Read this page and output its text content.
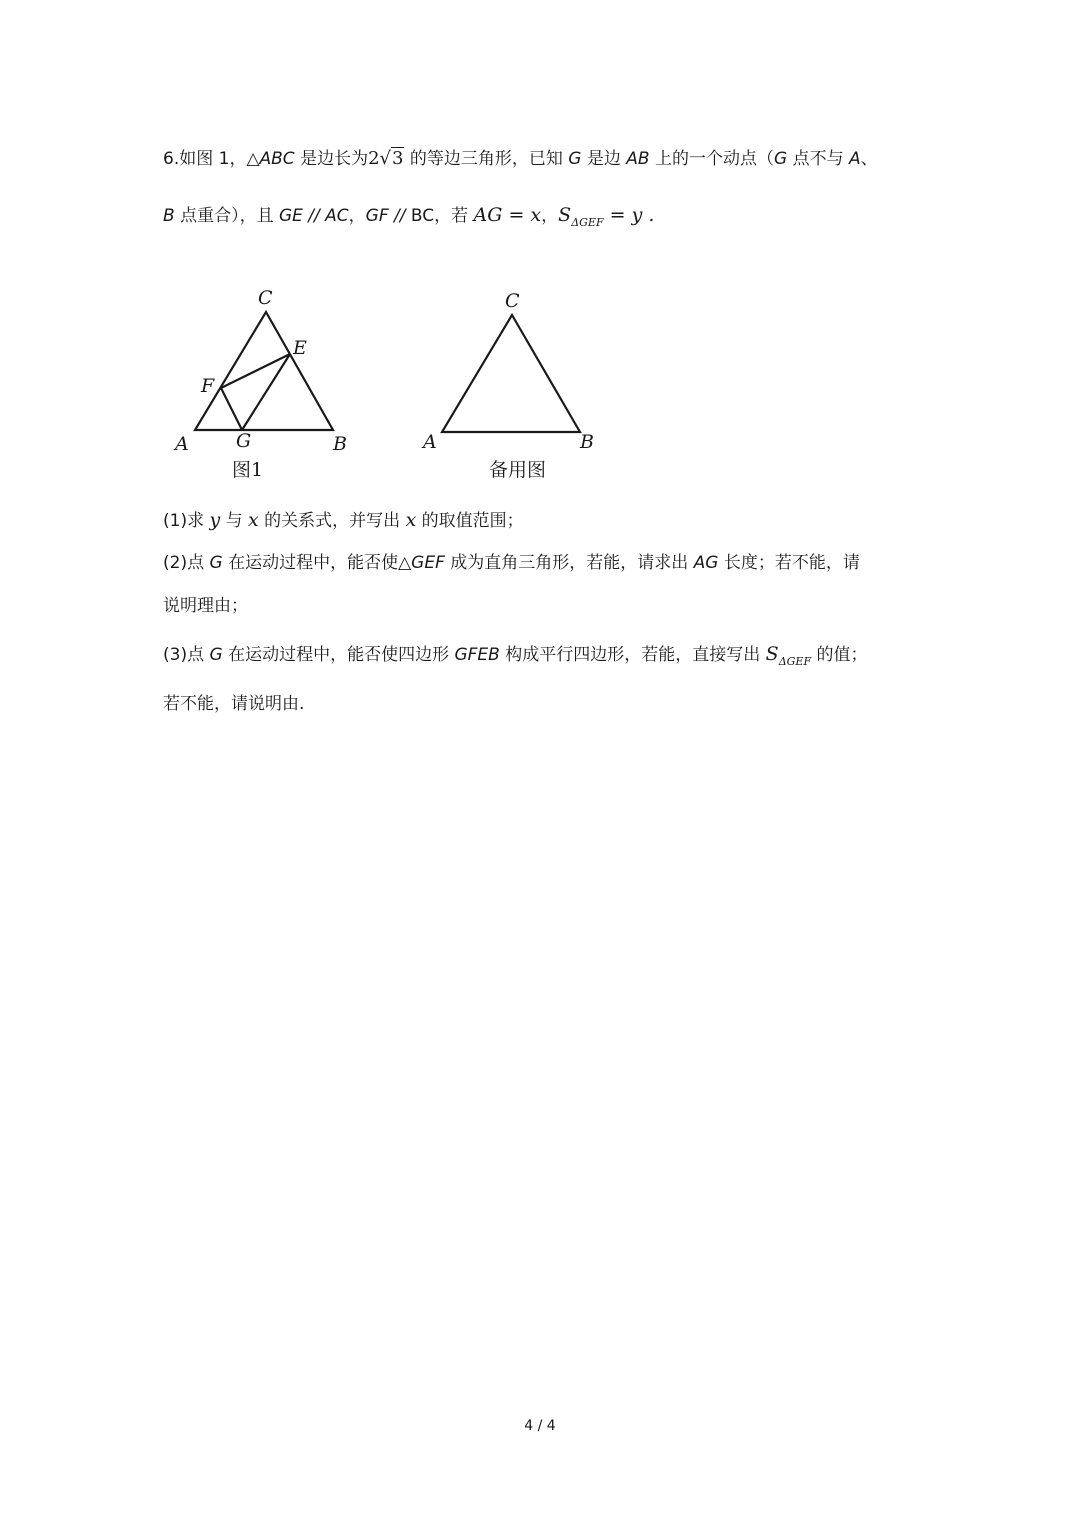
6.如图 1，△ABC 是边长为2√3 的等边三角形，已知 G 是边 AB 上的一个动点（G 点不与 A、
B 点重合），且 GE // AC，GF // BC，若 AG = x，$S_{\Delta GEF} = y$ .
C
E
F
A G	B
图1
C
A	B
备用图
(1)求 y 与 x 的关系式，并写出 x 的取值范围；
(2)点 G 在运动过程中，能否使△GEF 成为直角三角形，若能，请求出 AG 长度；若不能，请
说明理由；
(3)点 G 在运动过程中，能否使四边形 GFEB 构成平行四边形，若能，直接写出 $S_{\Delta GEF}$ 的值；
若不能，请说明由.
4 / 4
